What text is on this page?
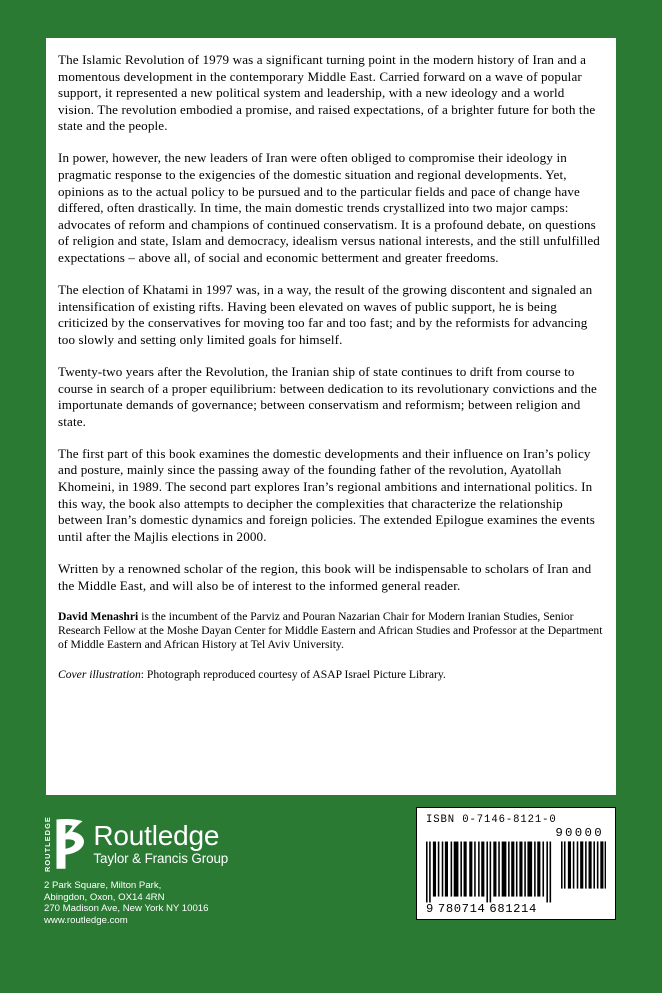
The Islamic Revolution of 1979 was a significant turning point in the modern history of Iran and a momentous development in the contemporary Middle East. Carried forward on a wave of popular support, it represented a new political system and leadership, with a new ideology and a world vision. The revolution embodied a promise, and raised expectations, of a brighter future for both the state and the people.

In power, however, the new leaders of Iran were often obliged to compromise their ideology in pragmatic response to the exigencies of the domestic situation and regional developments. Yet, opinions as to the actual policy to be pursued and to the particular fields and pace of change have differed, often drastically. In time, the main domestic trends crystallized into two major camps: advocates of reform and champions of continued conservatism. It is a profound debate, on questions of religion and state, Islam and democracy, idealism versus national interests, and the still unfulfilled expectations – above all, of social and economic betterment and greater freedoms.

The election of Khatami in 1997 was, in a way, the result of the growing discontent and signaled an intensification of existing rifts. Having been elevated on waves of public support, he is being criticized by the conservatives for moving too far and too fast; and by the reformists for advancing too slowly and setting only limited goals for himself.

Twenty-two years after the Revolution, the Iranian ship of state continues to drift from course to course in search of a proper equilibrium: between dedication to its revolutionary convictions and the importunate demands of governance; between conservatism and reformism; between religion and state.

The first part of this book examines the domestic developments and their influence on Iran’s policy and posture, mainly since the passing away of the founding father of the revolution, Ayatollah Khomeini, in 1989. The second part explores Iran’s regional ambitions and international politics. In this way, the book also attempts to decipher the complexities that characterize the relationship between Iran’s domestic dynamics and foreign policies. The extended Epilogue examines the events until after the Majlis elections in 2000.

Written by a renowned scholar of the region, this book will be indispensable to scholars of Iran and the Middle East, and will also be of interest to the informed general reader.

David Menashri is the incumbent of the Parviz and Pouran Nazarian Chair for Modern Iranian Studies, Senior Research Fellow at the Moshe Dayan Center for Middle Eastern and African Studies and Professor at the Department of Middle Eastern and African History at Tel Aviv University.

Cover illustration: Photograph reproduced courtesy of ASAP Israel Picture Library.

ROUTLEDGE Routledge
Taylor & Francis Group
2 Park Square, Milton Park,
Abingdon, Oxon, OX14 4RN
270 Madison Ave, New York NY 10016
www.routledge.com
ISBN 0-7146-8121-0
90000
9 780714 681214
